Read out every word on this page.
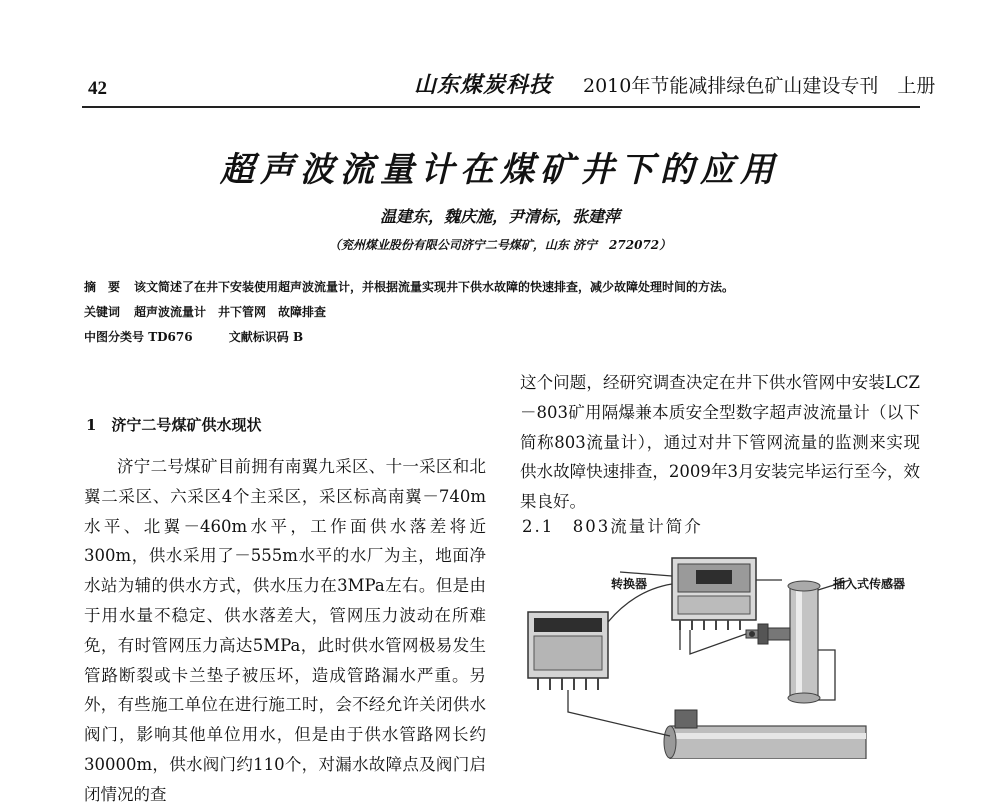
42	山东煤炭科技 2010年节能减排绿色矿山建设专刊　上册
超声波流量计在煤矿井下的应用
温建东，魏庆施，尹清标，张建萍
（兖州煤业股份有限公司济宁二号煤矿，山东 济宁　272072）
摘　要 该文简述了在井下安装使用超声波流量计，并根据流量实现井下供水故障的快速排查，减少故障处理时间的方法。
关键词 超声波流量计　井下管网　故障排查
中图分类号 TD676	文献标识码 B
1　济宁二号煤矿供水现状

济宁二号煤矿目前拥有南翼九采区、十一采区和北翼二采区、六采区4个主采区，采区标高南翼－740m水平、北翼－460m水平，工作面供水落差将近300m，供水采用了－555m水平的水厂为主，地面净水站为辅的供水方式，供水压力在3MPa左右。但是由于用水量不稳定、供水落差大，管网压力波动在所难免，有时管网压力高达5MPa，此时供水管网极易发生管路断裂或卡兰垫子被压坏，造成管路漏水严重。另外，有些施工单位在进行施工时，会不经允许关闭供水阀门，影响其他单位用水，但是由于供水管路网长约30000m，供水阀门约110个，对漏水故障点及阀门启闭情况的查

这个问题，经研究调查决定在井下供水管网中安装LCZ－803矿用隔爆兼本质安全型数字超声波流量计（以下简称803流量计），通过对井下管网流量的监测来实现供水故障快速排查，2009年3月安装完毕运行至今，效果良好。

2.1　803流量计简介
转换器	插入式传感器
